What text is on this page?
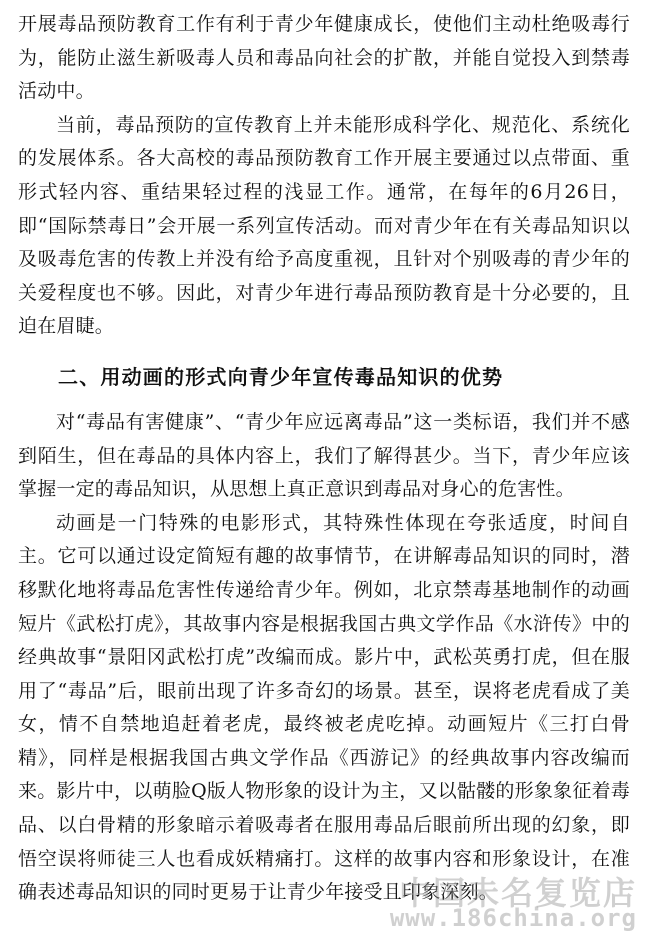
开展毒品预防教育工作有利于青少年健康成长，使他们主动杜绝吸毒行为，能防止滋生新吸毒人员和毒品向社会的扩散，并能自觉投入到禁毒活动中。

当前，毒品预防的宣传教育上并未能形成科学化、规范化、系统化的发展体系。各大高校的毒品预防教育工作开展主要通过以点带面、重形式轻内容、重结果轻过程的浅显工作。通常，在每年的6月26日，即“国际禁毒日”会开展一系列宣传活动。而对青少年在有关毒品知识以及吸毒危害的传教上并没有给予高度重视，且针对个别吸毒的青少年的关爱程度也不够。因此，对青少年进行毒品预防教育是十分必要的，且迫在眉睫。

二、用动画的形式向青少年宣传毒品知识的优势

对“毒品有害健康”、“青少年应远离毒品”这一类标语，我们并不感到陌生，但在毒品的具体内容上，我们了解得甚少。当下，青少年应该掌握一定的毒品知识，从思想上真正意识到毒品对身心的危害性。

动画是一门特殊的电影形式，其特殊性体现在夸张适度，时间自主。它可以通过设定简短有趣的故事情节，在讲解毒品知识的同时，潜移默化地将毒品危害性传递给青少年。例如，北京禁毒基地制作的动画短片《武松打虎》，其故事内容是根据我国古典文学作品《水浒传》中的经典故事“景阳冈武松打虎”改编而成。影片中，武松英勇打虎，但在服用了“毒品”后，眼前出现了许多奇幻的场景。甚至，误将老虎看成了美女，情不自禁地追赶着老虎，最终被老虎吃掉。动画短片《三打白骨精》，同样是根据我国古典文学作品《西游记》的经典故事内容改编而来。影片中，以萌脸Q版人物形象的设计为主，又以骷髅的形象象征着毒品、以白骨精的形象暗示着吸毒者在服用毒品后眼前所出现的幻象，即悟空误将师徒三人也看成妖精痛打。这样的故事内容和形象设计，在准确表述毒品知识的同时更易于让青少年接受且印象深刻。

中国未名复览店
www.186china.org
